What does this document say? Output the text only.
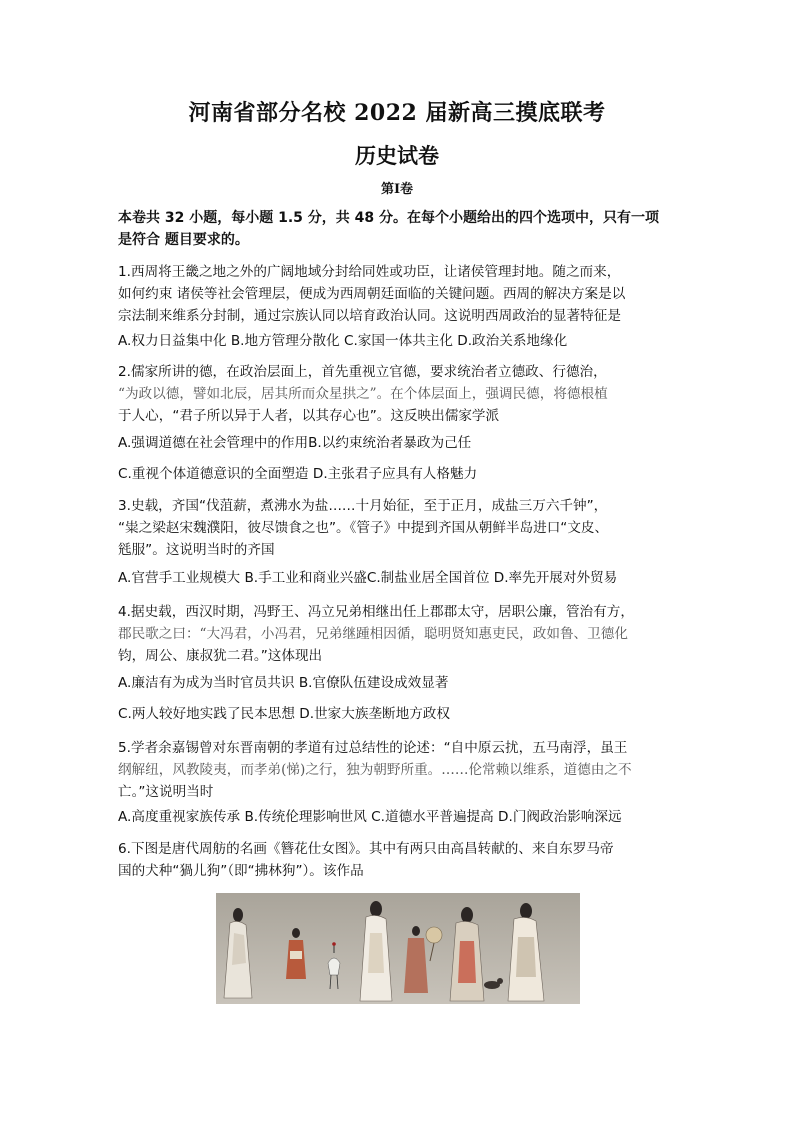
河南省部分名校 2022 届新高三摸底联考
历史试卷
第Ⅰ卷
本卷共 32 小题，每小题 1.5 分，共 48 分。在每个小题给出的四个选项中，只有一项
是符合 题目要求的。
1.西周将王畿之地之外的广阔地域分封给同姓或功臣，让诸侯管理封地。随之而来，
如何约束 诸侯等社会管理层，便成为西周朝廷面临的关键问题。西周的解决方案是以
宗法制来维系分封制，通过宗族认同以培育政治认同。这说明西周政治的显著特征是
A.权力日益集中化 B.地方管理分散化 C.家国一体共主化 D.政治关系地缘化
2.儒家所讲的德，在政治层面上，首先重视立官德，要求统治者立德政、行德治，
“为政以德，譬如北辰，居其所而众星拱之”。在个体层面上，强调民德，将德根植
于人心，“君子所以异于人者，以其存心也”。这反映出儒家学派
A.强调道德在社会管理中的作用B.以约束统治者暴政为己任
C.重视个体道德意识的全面塑造 D.主张君子应具有人格魅力
3.史载，齐国“伐菹薪，煮沸水为盐……十月始征，至于正月，成盐三万六千钟”，
“粜之梁赵宋魏濮阳，彼尽馈食之也”。《管子》中提到齐国从朝鲜半岛进口“文皮、
毤服”。这说明当时的齐国
A.官营手工业规模大 B.手工业和商业兴盛C.制盐业居全国首位 D.率先开展对外贸易
4.据史载，西汉时期，冯野王、冯立兄弟相继出任上郡郡太守，居职公廉，管治有方，
郡民歌之曰：“大冯君，小冯君，兄弟继踵相因循，聪明贤知惠吏民，政如鲁、卫德化
钧，周公、康叔犹二君。”这体现出
A.廉洁有为成为当时官员共识 B.官僚队伍建设成效显著
C.两人较好地实践了民本思想 D.世家大族垄断地方政权
5.学者余嘉锡曾对东晋南朝的孝道有过总结性的论述：“自中原云扰，五马南浮，虽王
纲解纽，风教陵夷，而孝弟(悌)之行，独为朝野所重。……伦常赖以维系，道德由之不
亡。”这说明当时
A.高度重视家族传承 B.传统伦理影响世风 C.道德水平普遍提高 D.门阀政治影响深远
6.下图是唐代周舫的名画《簪花仕女图》。其中有两只由高昌转献的、来自东罗马帝
国的犬种“猧儿狗”（即“拂林狗”）。该作品
